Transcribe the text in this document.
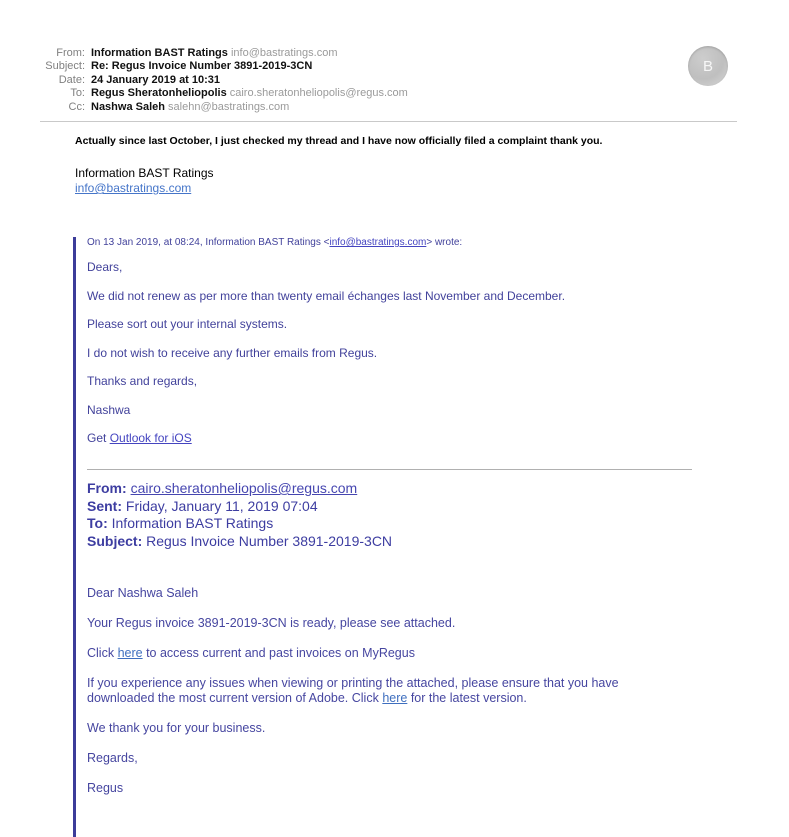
B
From: Information BAST Ratings info@bastratings.com
Subject: Re: Regus Invoice Number 3891-2019-3CN
Date: 24 January 2019 at 10:31
To: Regus Sheratonheliopolis cairo.sheratonheliopolis@regus.com
Cc: Nashwa Saleh salehn@bastratings.com

Actually since last October, I just checked my thread and I have now officially filed a complaint thank you.

Information BAST Ratings
info@bastratings.com

On 13 Jan 2019, at 08:24, Information BAST Ratings <info@bastratings.com> wrote:

Dears,

We did not renew as per more than twenty email échanges last November and December.

Please sort out your internal systems.

I do not wish to receive any further emails from Regus.

Thanks and regards,

Nashwa

Get Outlook for iOS

From: cairo.sheratonheliopolis@regus.com
Sent: Friday, January 11, 2019 07:04
To: Information BAST Ratings
Subject: Regus Invoice Number 3891-2019-3CN

Dear Nashwa Saleh

Your Regus invoice 3891-2019-3CN is ready, please see attached.

Click here to access current and past invoices on MyRegus

If you experience any issues when viewing or printing the attached, please ensure that you have downloaded the most current version of Adobe. Click here for the latest version.

We thank you for your business.

Regards,

Regus
